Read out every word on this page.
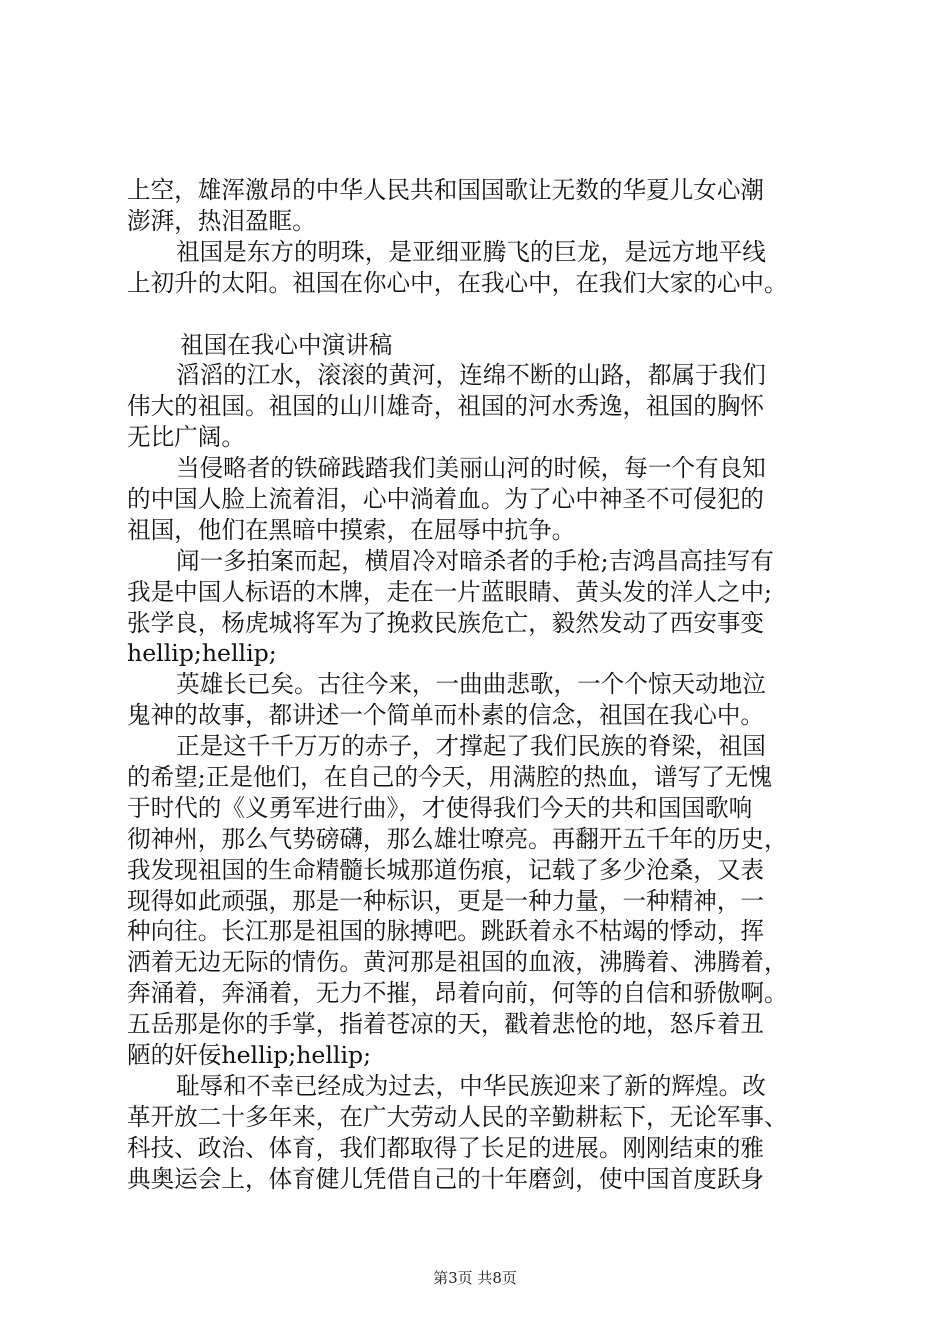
上空，雄浑激昂的中华人民共和国国歌让无数的华夏儿女心潮
澎湃，热泪盈眶。
祖国是东方的明珠，是亚细亚腾飞的巨龙，是远方地平线
上初升的太阳。祖国在你心中，在我心中，在我们大家的心中。
祖国在我心中演讲稿
滔滔的江水，滚滚的黄河，连绵不断的山路，都属于我们
伟大的祖国。祖国的山川雄奇，祖国的河水秀逸，祖国的胸怀
无比广阔。
当侵略者的铁碲践踏我们美丽山河的时候，每一个有良知
的中国人脸上流着泪，心中淌着血。为了心中神圣不可侵犯的
祖国，他们在黑暗中摸索，在屈辱中抗争。
闻一多拍案而起，横眉冷对暗杀者的手枪;吉鸿昌高挂写有
我是中国人标语的木牌，走在一片蓝眼睛、黄头发的洋人之中;
张学良，杨虎城将军为了挽救民族危亡，毅然发动了西安事变
hellip;hellip;
英雄长已矣。古往今来，一曲曲悲歌，一个个惊天动地泣
鬼神的故事，都讲述一个简单而朴素的信念，祖国在我心中。
正是这千千万万的赤子，才撑起了我们民族的脊梁，祖国
的希望;正是他们，在自己的今天，用满腔的热血，谱写了无愧
于时代的《义勇军进行曲》，才使得我们今天的共和国国歌响
彻神州，那么气势磅礴，那么雄壮嘹亮。再翻开五千年的历史，
我发现祖国的生命精髓长城那道伤痕，记载了多少沧桑，又表
现得如此顽强，那是一种标识，更是一种力量，一种精神，一
种向往。长江那是祖国的脉搏吧。跳跃着永不枯竭的悸动，挥
洒着无边无际的情伤。黄河那是祖国的血液，沸腾着、沸腾着，
奔涌着，奔涌着，无力不摧，昂着向前，何等的自信和骄傲啊。
五岳那是你的手掌，指着苍凉的天，戳着悲怆的地，怒斥着丑
陋的奸佞hellip;hellip;
耻辱和不幸已经成为过去，中华民族迎来了新的辉煌。改
革开放二十多年来，在广大劳动人民的辛勤耕耘下，无论军事、
科技、政治、体育，我们都取得了长足的进展。刚刚结束的雅
典奥运会上，体育健儿凭借自己的十年磨剑，使中国首度跃身
第3页 共8页
